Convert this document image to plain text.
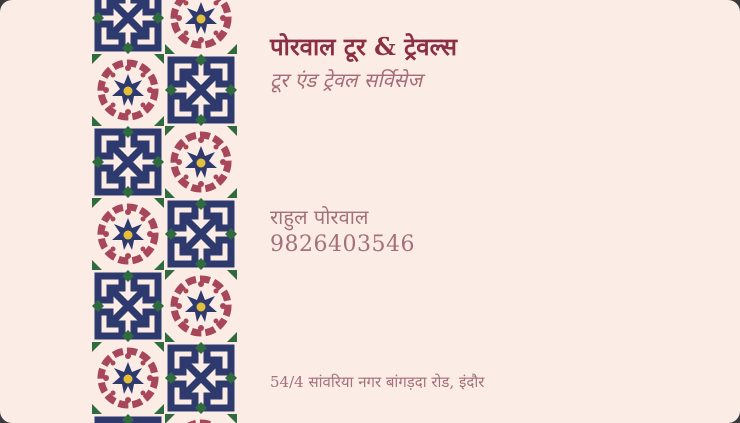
पोरवाल टूर & ट्रेवल्स
टूर एंड ट्रेवल सर्विसेज
राहुल पोरवाल
9826403546
54/4 सांवरिया नगर बांगड़दा रोड, इंदौर
